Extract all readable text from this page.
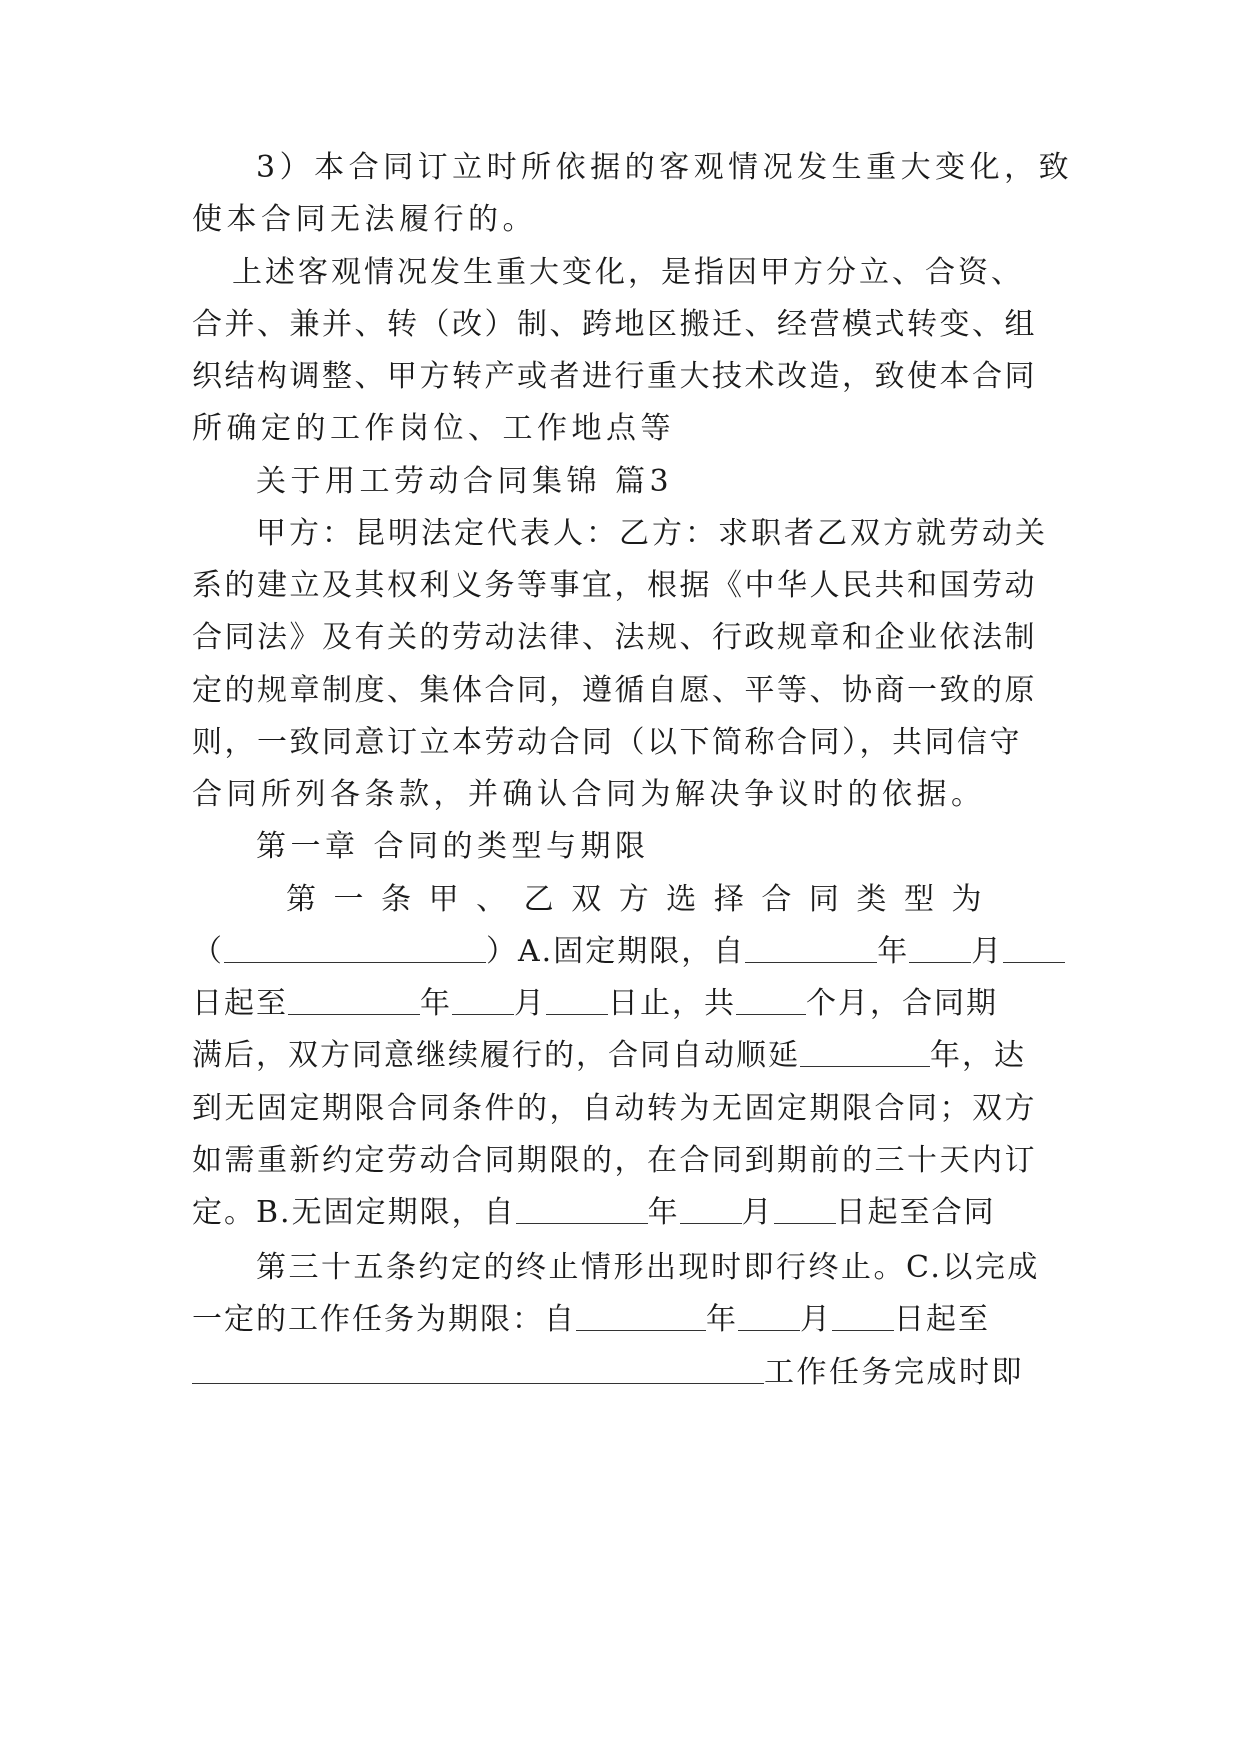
3）本合同订立时所依据的客观情况发生重大变化，致
使本合同无法履行的。
上述客观情况发生重大变化，是指因甲方分立、合资、
合并、兼并、转（改）制、跨地区搬迁、经营模式转变、组
织结构调整、甲方转产或者进行重大技术改造，致使本合同
所确定的工作岗位、工作地点等
关于用工劳动合同集锦 篇3
甲方：昆明法定代表人：乙方：求职者乙双方就劳动关
系的建立及其权利义务等事宜，根据《中华人民共和国劳动
合同法》及有关的劳动法律、法规、行政规章和企业依法制
定的规章制度、集体合同，遵循自愿、平等、协商一致的原
则，一致同意订立本劳动合同（以下简称合同），共同信守
合同所列各条款，并确认合同为解决争议时的依据。
第一章 合同的类型与期限
第 一 条 甲 、 乙 双 方 选 择 合 同 类 型 为
（	）A.固定期限，自	年 月
日起至	年 月 日止，共 个月，合同期
满后，双方同意继续履行的，合同自动顺延	年，达
到无固定期限合同条件的，自动转为无固定期限合同；双方
如需重新约定劳动合同期限的，在合同到期前的三十天内订
定。B.无固定期限，自	年 月 日起至合同
第三十五条约定的终止情形出现时即行终止。C.以完成
一定的工作任务为期限：自	年 月 日起至
工作任务完成时即
